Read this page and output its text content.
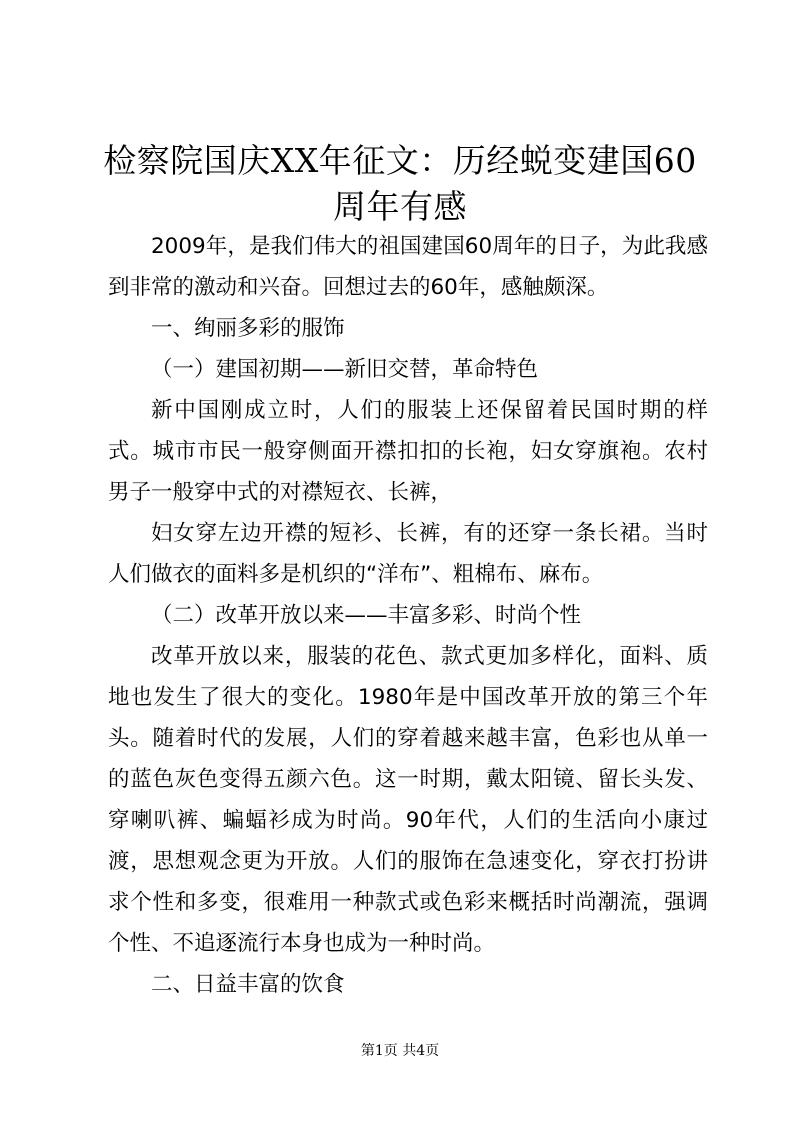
检察院国庆XX年征文：历经蜕变建国60周年有感

2009年，是我们伟大的祖国建国60周年的日子，为此我感到非常的激动和兴奋。回想过去的60年，感触颇深。

一、绚丽多彩的服饰

（一）建国初期——新旧交替，革命特色

新中国刚成立时，人们的服装上还保留着民国时期的样式。城市市民一般穿侧面开襟扣扣的长袍，妇女穿旗袍。农村男子一般穿中式的对襟短衣、长裤，

妇女穿左边开襟的短衫、长裤，有的还穿一条长裙。当时人们做衣的面料多是机织的“洋布”、粗棉布、麻布。

（二）改革开放以来——丰富多彩、时尚个性

改革开放以来，服装的花色、款式更加多样化，面料、质地也发生了很大的变化。1980年是中国改革开放的第三个年头。随着时代的发展，人们的穿着越来越丰富，色彩也从单一的蓝色灰色变得五颜六色。这一时期，戴太阳镜、留长头发、穿喇叭裤、蝙蝠衫成为时尚。90年代，人们的生活向小康过渡，思想观念更为开放。人们的服饰在急速变化，穿衣打扮讲求个性和多变，很难用一种款式或色彩来概括时尚潮流，强调个性、不追逐流行本身也成为一种时尚。

二、日益丰富的饮食

第1页 共4页
